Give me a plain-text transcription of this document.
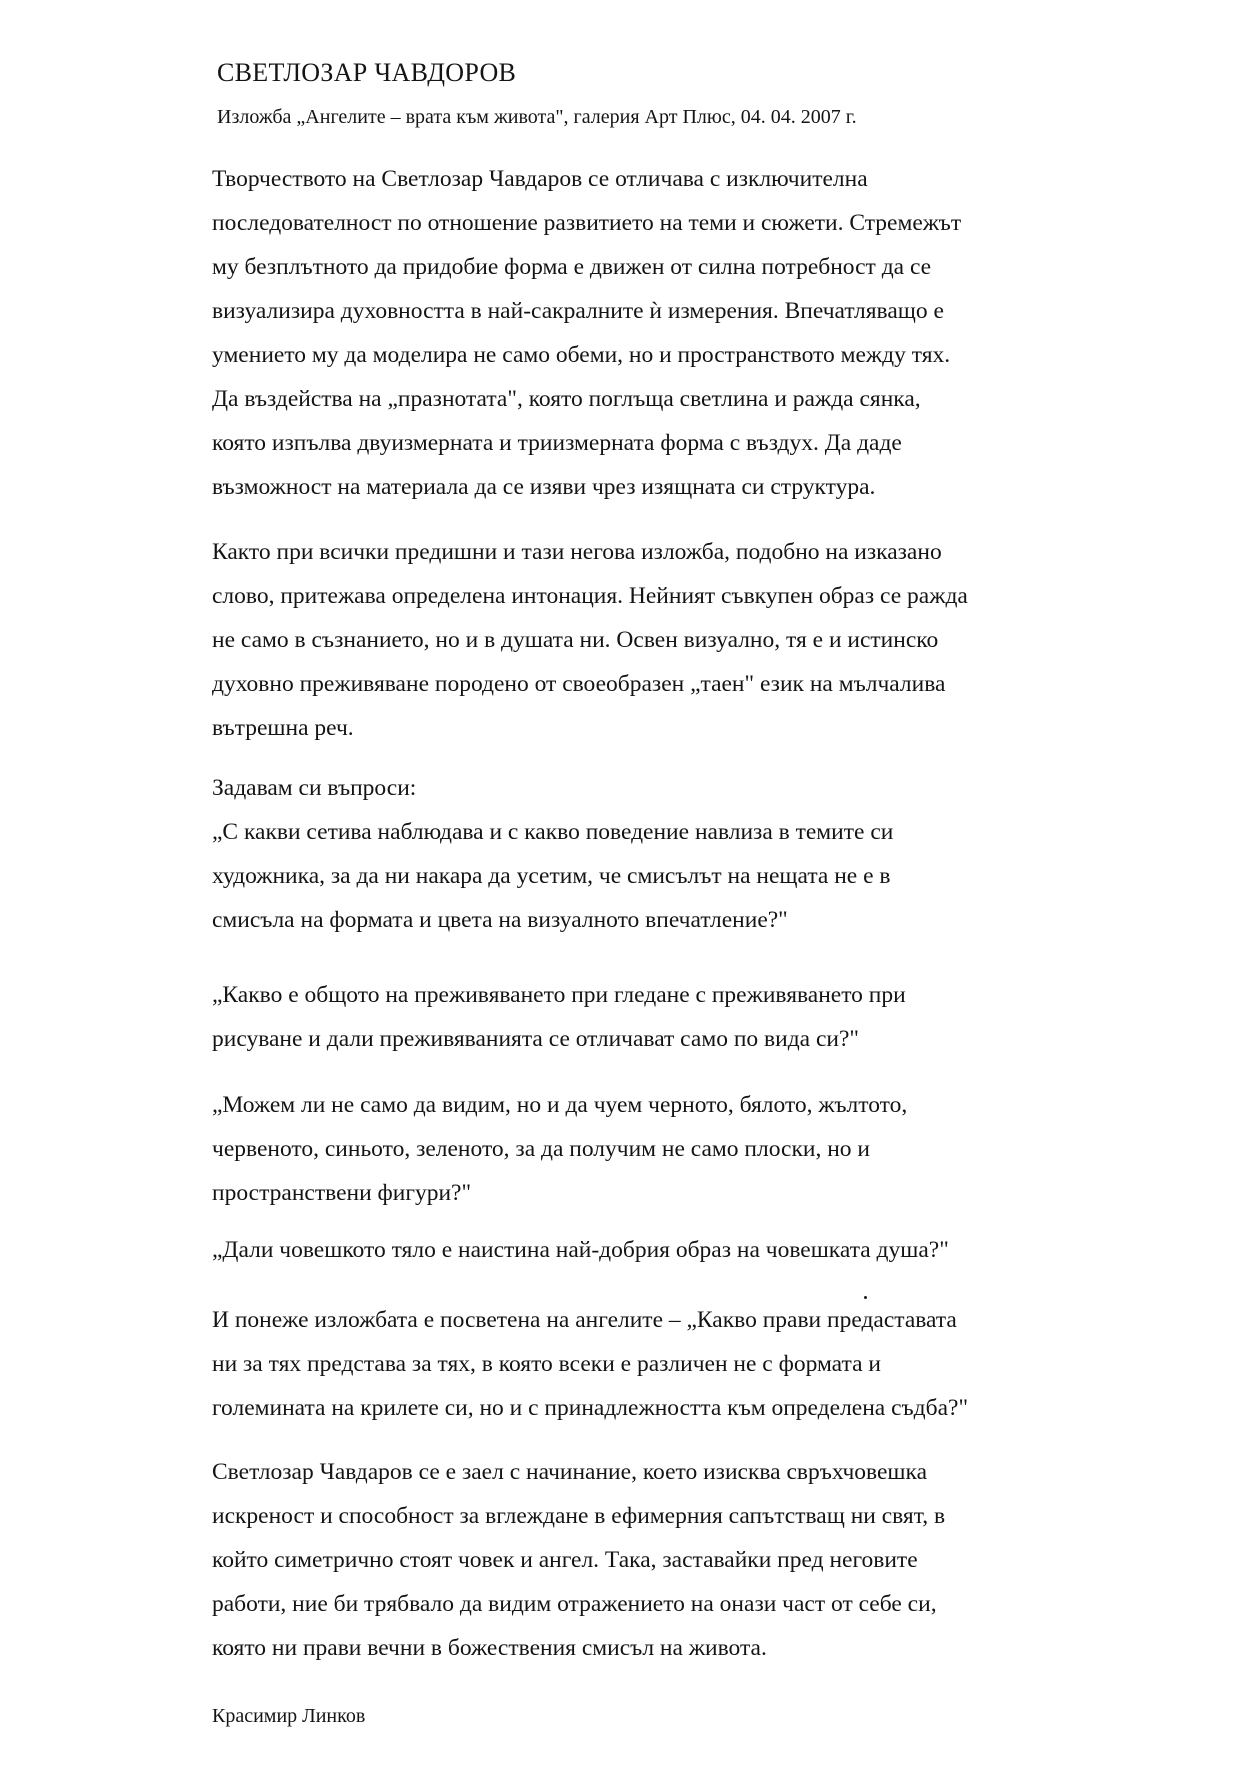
СВЕТЛОЗАР ЧАВДОРОВ
Изложба „Ангелите – врата към живота", галерия Арт Плюс, 04. 04. 2007 г.

Творчеството на Светлозар Чавдаров се отличава с изключителна
последователност по отношение развитието на теми и сюжети. Стремежът
му безплътното да придобие форма е движен от силна потребност да се
визуализира духовността в най-сакралните ѝ измерения. Впечатляващо е
умението му да моделира не само обеми, но и пространството между тях.
Да въздейства на „празнотата", която поглъща светлина и ражда сянка,
която изпълва двуизмерната и триизмерната форма с въздух. Да даде
възможност на материала да се изяви чрез изящната си структура.

Както при всички предишни и тази негова изложба, подобно на изказано
слово, притежава определена интонация. Нейният съвкупен образ се ражда
не само в съзнанието, но и в душата ни. Освен визуално, тя е и истинско
духовно преживяване породено от своеобразен „таен" език на мълчалива
вътрешна реч.

Задавам си въпроси:
„С какви сетива наблюдава и с какво поведение навлиза в темите си
художника, за да ни накара да усетим, че смисълът на нещата не е в
смисъла на формата и цвета на визуалното впечатление?"

„Какво е общото на преживяването при гледане с преживяването при
рисуване и дали преживяванията се отличават само по вида си?"

„Можем ли не само да видим, но и да чуем черното, бялото, жълтото,
червеното, синьото, зеленото, за да получим не само плоски, но и
пространствени фигури?"

„Дали човешкото тяло е наистина най-добрия образ на човешката душа?"

И понеже изложбата е посветена на ангелите – „Какво прави предаставата
ни за тях представа за тях, в която всеки е различен не с формата и
големината на крилете си, но и с принадлежността към определена съдба?"

Светлозар Чавдаров се е заел с начинание, което изисква свръхчовешка
искреност и способност за вглеждане в ефимерния сапътстващ ни свят, в
който симетрично стоят човек и ангел. Така, заставайки пред неговите
работи, ние би трябвало да видим отражението на онази част от себе си,
която ни прави вечни в божествения смисъл на живота.

Красимир Линков
